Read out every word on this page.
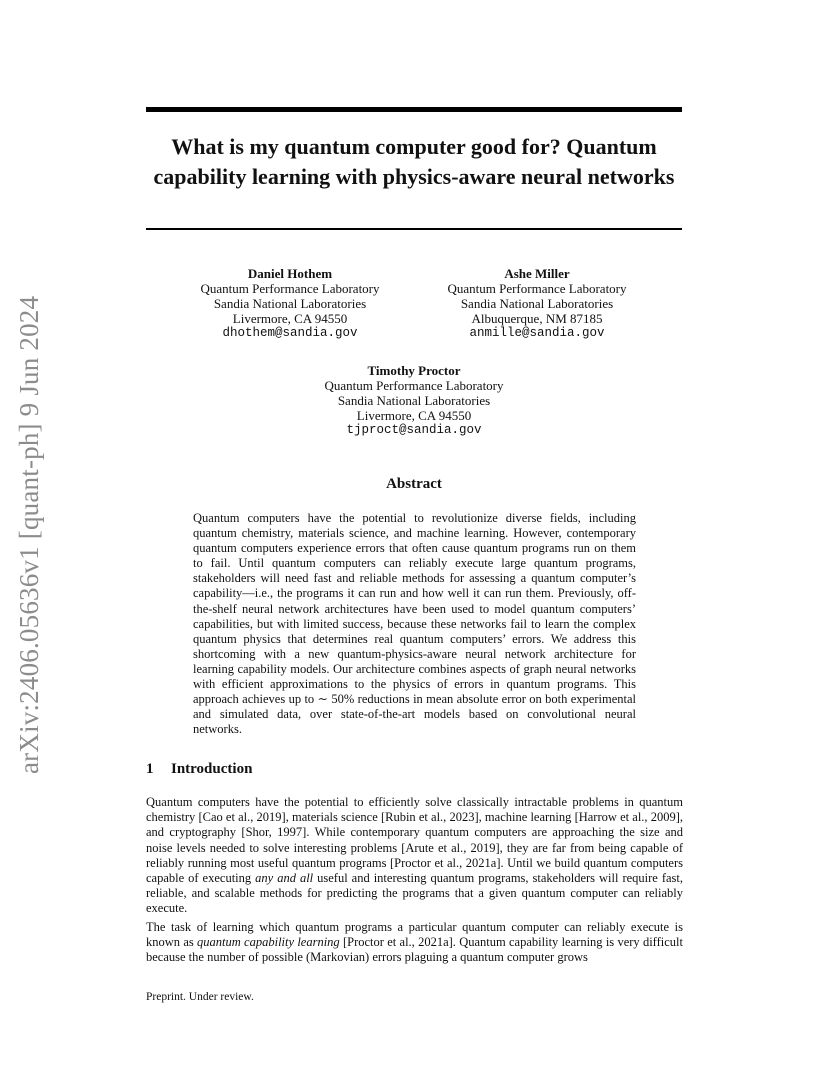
arXiv:2406.05636v1 [quant-ph] 9 Jun 2024
What is my quantum computer good for? Quantum capability learning with physics-aware neural networks
Daniel Hothem
Quantum Performance Laboratory
Sandia National Laboratories
Livermore, CA 94550
dhothem@sandia.gov
Ashe Miller
Quantum Performance Laboratory
Sandia National Laboratories
Albuquerque, NM 87185
anmille@sandia.gov
Timothy Proctor
Quantum Performance Laboratory
Sandia National Laboratories
Livermore, CA 94550
tjproct@sandia.gov
Abstract

Quantum computers have the potential to revolutionize diverse fields, including quantum chemistry, materials science, and machine learning. However, contemporary quantum computers experience errors that often cause quantum programs run on them to fail. Until quantum computers can reliably execute large quantum programs, stakeholders will need fast and reliable methods for assessing a quantum computer’s capability—i.e., the programs it can run and how well it can run them. Previously, off-the-shelf neural network architectures have been used to model quantum computers’ capabilities, but with limited success, because these networks fail to learn the complex quantum physics that determines real quantum computers’ errors. We address this shortcoming with a new quantum-physics-aware neural network architecture for learning capability models. Our architecture combines aspects of graph neural networks with efficient approximations to the physics of errors in quantum programs. This approach achieves up to ∼ 50% reductions in mean absolute error on both experimental and simulated data, over state-of-the-art models based on convolutional neural networks.

1 Introduction

Quantum computers have the potential to efficiently solve classically intractable problems in quantum chemistry [Cao et al., 2019], materials science [Rubin et al., 2023], machine learning [Harrow et al., 2009], and cryptography [Shor, 1997]. While contemporary quantum computers are approaching the size and noise levels needed to solve interesting problems [Arute et al., 2019], they are far from being capable of reliably running most useful quantum programs [Proctor et al., 2021a]. Until we build quantum computers capable of executing any and all useful and interesting quantum programs, stakeholders will require fast, reliable, and scalable methods for predicting the programs that a given quantum computer can reliably execute.

The task of learning which quantum programs a particular quantum computer can reliably execute is known as quantum capability learning [Proctor et al., 2021a]. Quantum capability learning is very difficult because the number of possible (Markovian) errors plaguing a quantum computer grows

Preprint. Under review.
